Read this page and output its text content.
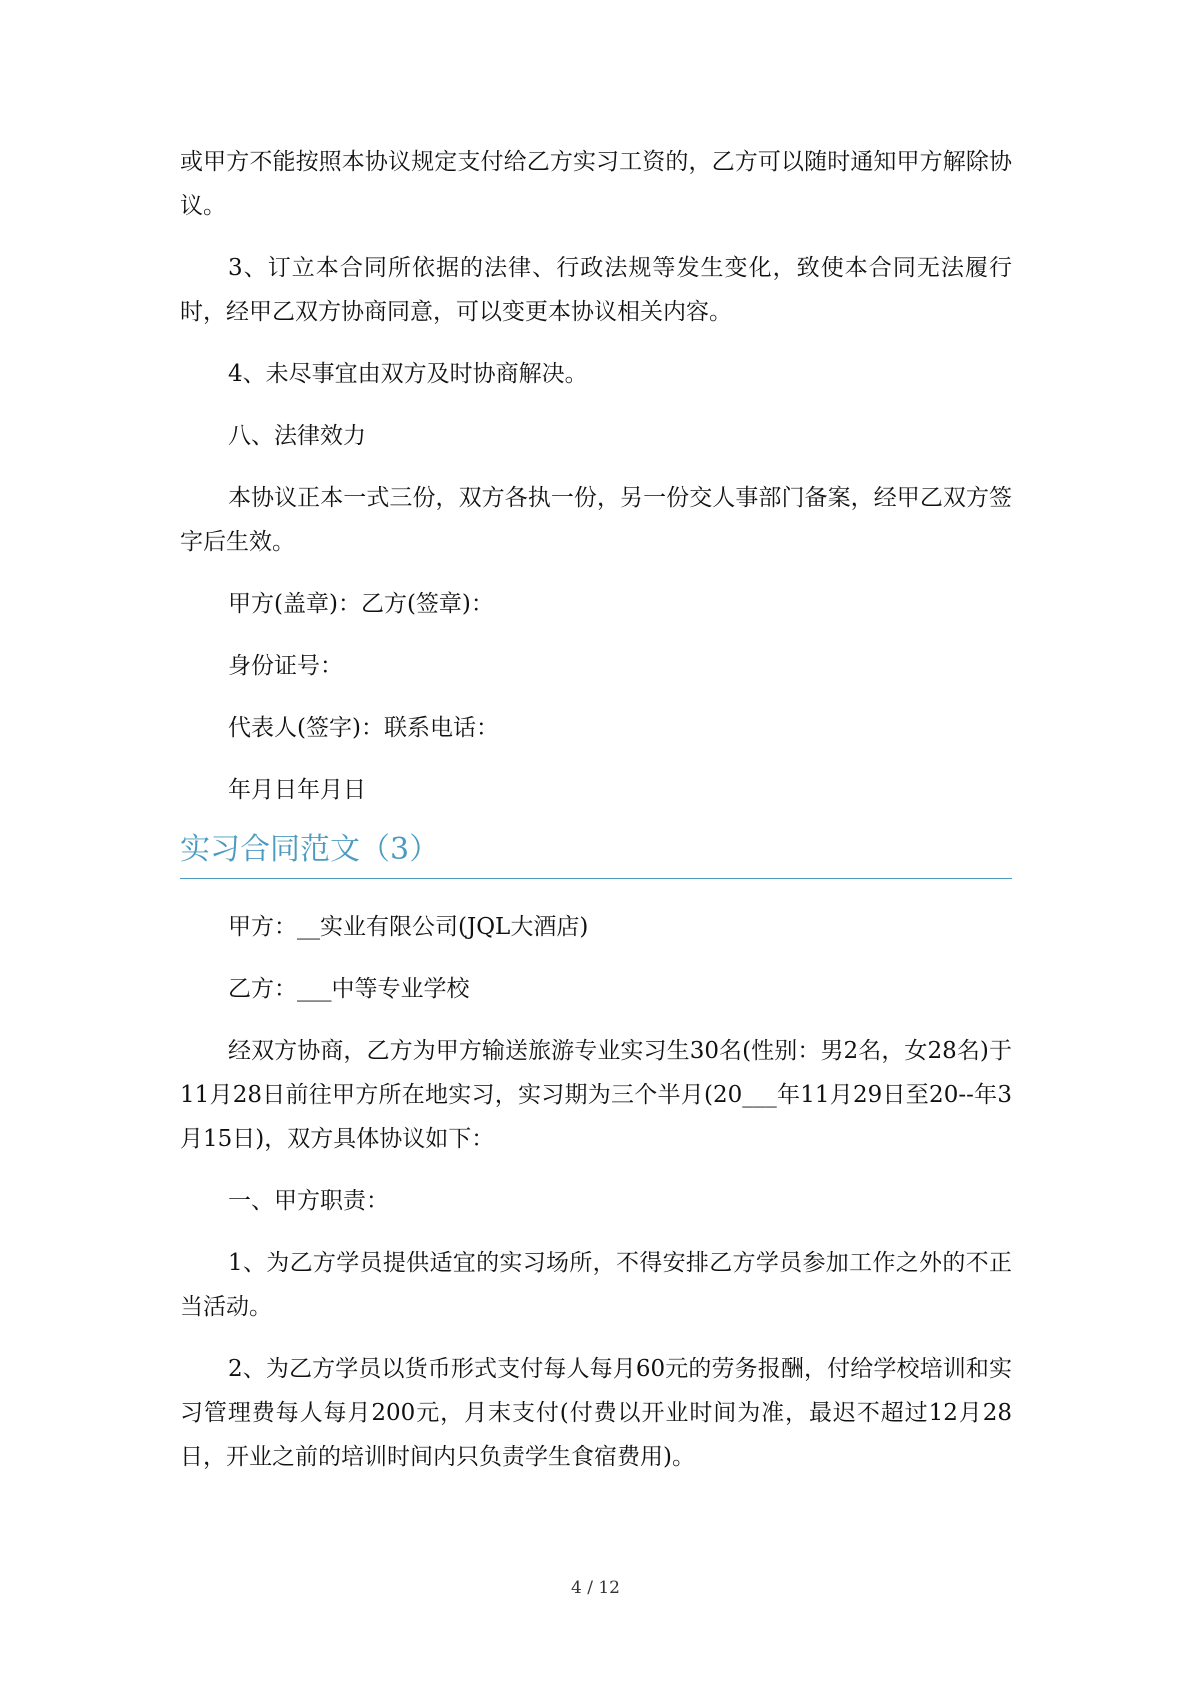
或甲方不能按照本协议规定支付给乙方实习工资的，乙方可以随时通知甲方解除协议。

3、订立本合同所依据的法律、行政法规等发生变化，致使本合同无法履行时，经甲乙双方协商同意，可以变更本协议相关内容。

4、未尽事宜由双方及时协商解决。

八、法律效力

本协议正本一式三份，双方各执一份，另一份交人事部门备案，经甲乙双方签字后生效。

甲方(盖章)：乙方(签章)：

身份证号：

代表人(签字)：联系电话：

年月日年月日

实习合同范文（3）

甲方：__实业有限公司(JQL大酒店)

乙方：___中等专业学校

经双方协商，乙方为甲方输送旅游专业实习生30名(性别：男2名，女28名)于11月28日前往甲方所在地实习，实习期为三个半月(20___年11月29日至20--年3月15日)，双方具体协议如下：

一、甲方职责：

1、为乙方学员提供适宜的实习场所，不得安排乙方学员参加工作之外的不正当活动。

2、为乙方学员以货币形式支付每人每月60元的劳务报酬，付给学校培训和实习管理费每人每月200元，月末支付(付费以开业时间为准，最迟不超过12月28日，开业之前的培训时间内只负责学生食宿费用)。

4 / 12
